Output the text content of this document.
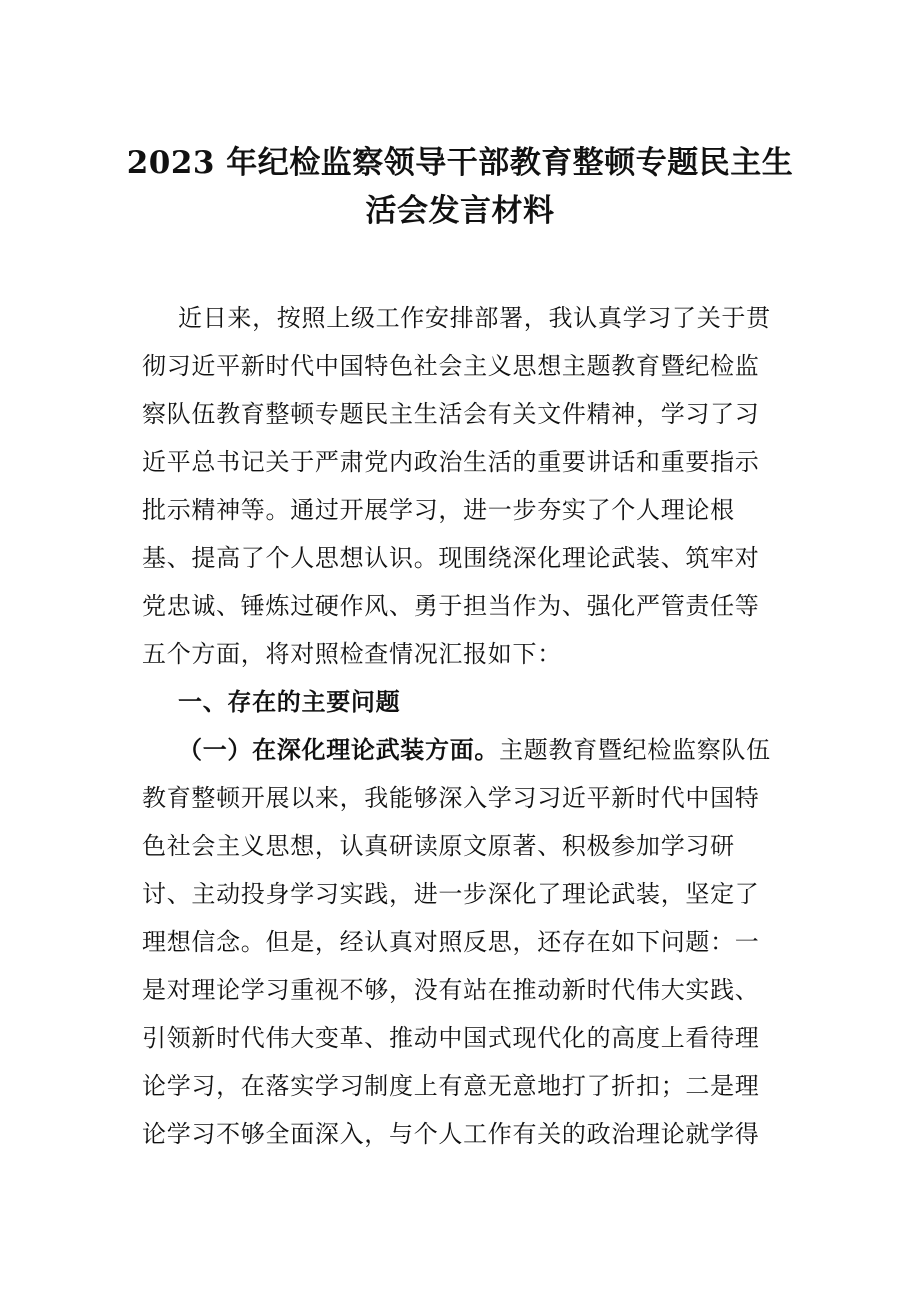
2023 年纪检监察领导干部教育整顿专题民主生
活会发言材料
近日来，按照上级工作安排部署，我认真学习了关于贯
彻习近平新时代中国特色社会主义思想主题教育暨纪检监
察队伍教育整顿专题民主生活会有关文件精神，学习了习
近平总书记关于严肃党内政治生活的重要讲话和重要指示
批示精神等。通过开展学习，进一步夯实了个人理论根
基、提高了个人思想认识。现围绕深化理论武装、筑牢对
党忠诚、锤炼过硬作风、勇于担当作为、强化严管责任等
五个方面，将对照检查情况汇报如下：
一、存在的主要问题
（一）在深化理论武装方面。主题教育暨纪检监察队伍
教育整顿开展以来，我能够深入学习习近平新时代中国特
色社会主义思想，认真研读原文原著、积极参加学习研
讨、主动投身学习实践，进一步深化了理论武装，坚定了
理想信念。但是，经认真对照反思，还存在如下问题：一
是对理论学习重视不够，没有站在推动新时代伟大实践、
引领新时代伟大变革、推动中国式现代化的高度上看待理
论学习，在落实学习制度上有意无意地打了折扣；二是理
论学习不够全面深入，与个人工作有关的政治理论就学得
